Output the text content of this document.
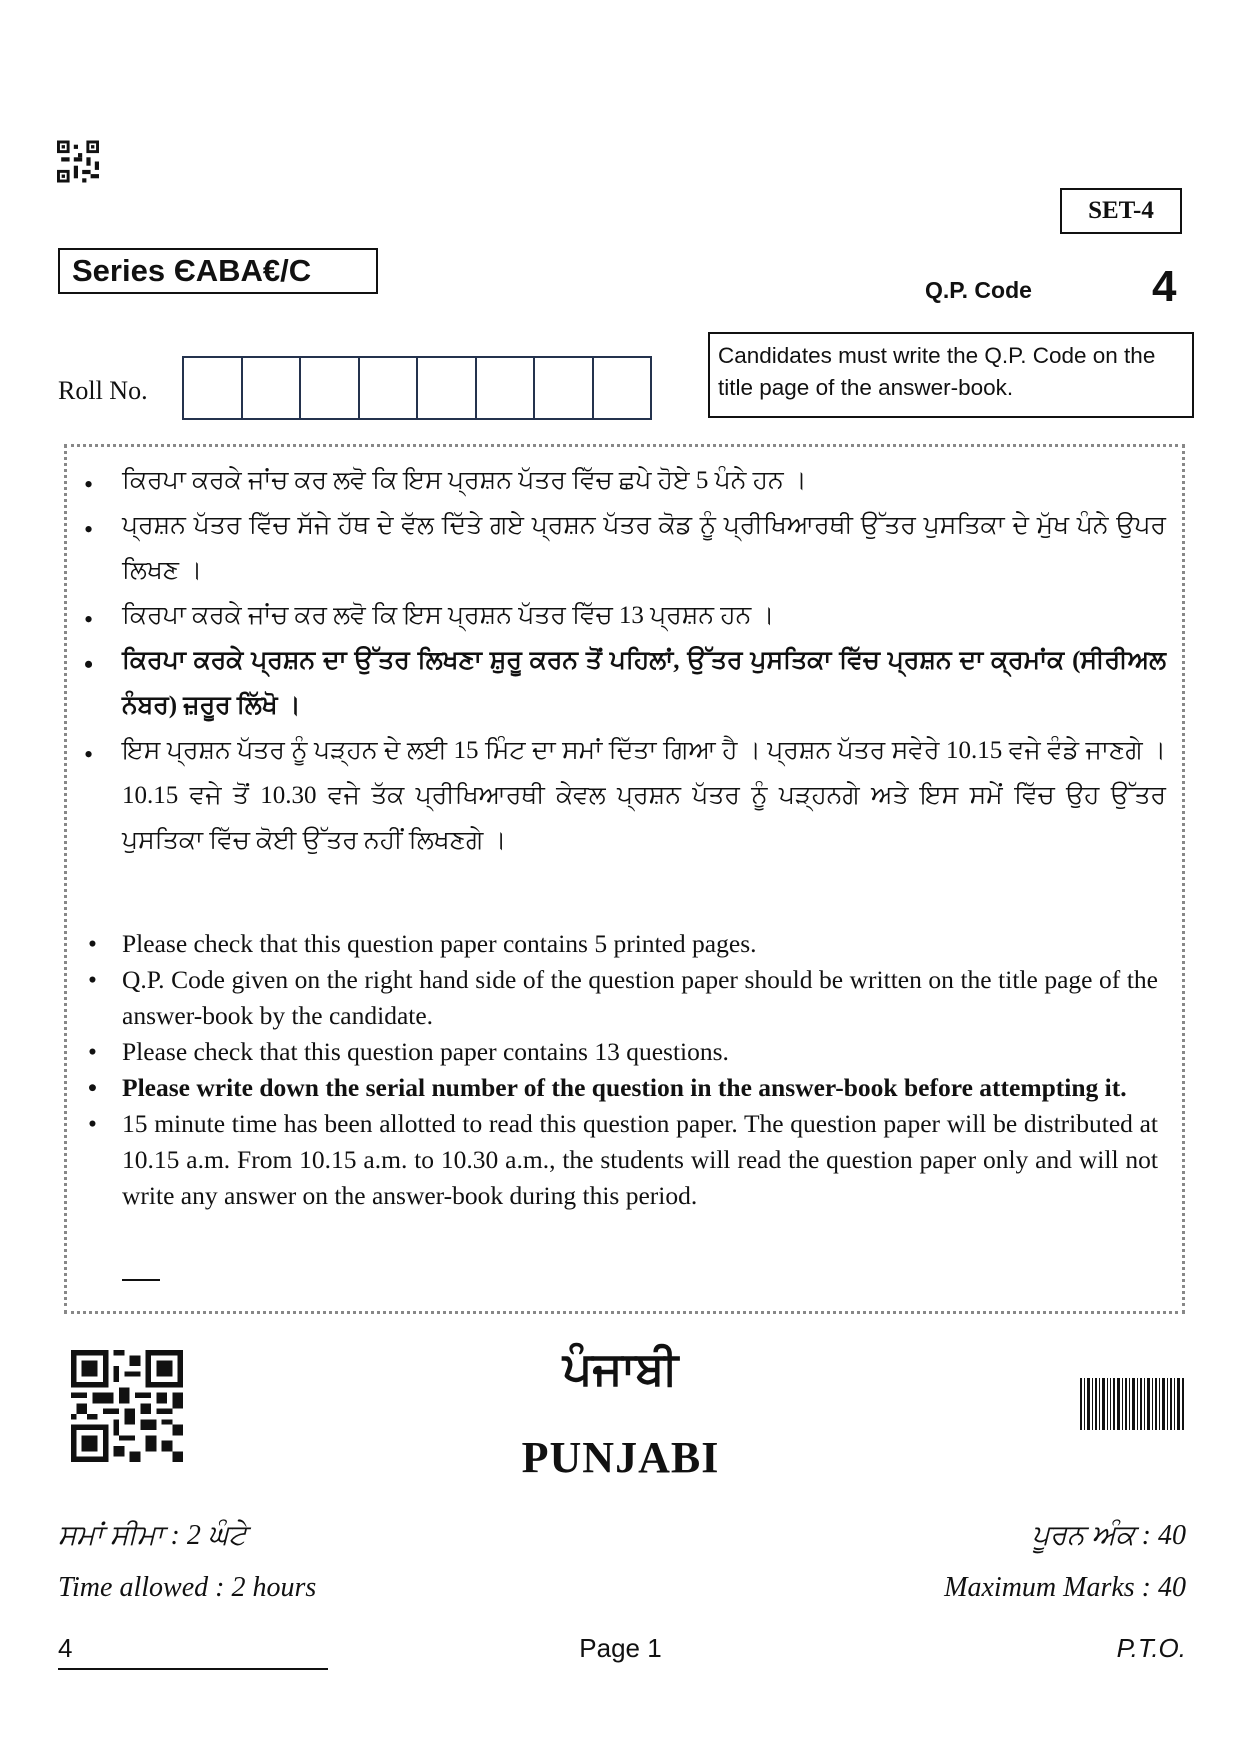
SET-4
Series ЄABA€/C
Q.P. Code	4
Roll No.
Candidates must write the Q.P. Code on the title page of the answer-book.
• ਕਿਰਪਾ ਕਰਕੇ ਜਾਂਚ ਕਰ ਲਵੋ ਕਿ ਇਸ ਪ੍ਰਸ਼ਨ ਪੱਤਰ ਵਿੱਚ ਛਪੇ ਹੋਏ 5 ਪੰਨੇ ਹਨ ।
• ਪ੍ਰਸ਼ਨ ਪੱਤਰ ਵਿੱਚ ਸੱਜੇ ਹੱਥ ਦੇ ਵੱਲ ਦਿੱਤੇ ਗਏ ਪ੍ਰਸ਼ਨ ਪੱਤਰ ਕੋਡ ਨੂੰ ਪ੍ਰੀਖਿਆਰਥੀ ਉੱਤਰ ਪੁਸਤਿਕਾ ਦੇ ਮੁੱਖ ਪੰਨੇ ਉਪਰ ਲਿਖਣ ।
• ਕਿਰਪਾ ਕਰਕੇ ਜਾਂਚ ਕਰ ਲਵੋ ਕਿ ਇਸ ਪ੍ਰਸ਼ਨ ਪੱਤਰ ਵਿੱਚ 13 ਪ੍ਰਸ਼ਨ ਹਨ ।
• ਕਿਰਪਾ ਕਰਕੇ ਪ੍ਰਸ਼ਨ ਦਾ ਉੱਤਰ ਲਿਖਣਾ ਸ਼ੁਰੂ ਕਰਨ ਤੋਂ ਪਹਿਲਾਂ, ਉੱਤਰ ਪੁਸਤਿਕਾ ਵਿੱਚ ਪ੍ਰਸ਼ਨ ਦਾ ਕ੍ਰਮਾਂਕ (ਸੀਰੀਅਲ ਨੰਬਰ) ਜ਼ਰੂਰ ਲਿੱਖੋ ।
• ਇਸ ਪ੍ਰਸ਼ਨ ਪੱਤਰ ਨੂੰ ਪੜ੍ਹਨ ਦੇ ਲਈ 15 ਮਿੰਟ ਦਾ ਸਮਾਂ ਦਿੱਤਾ ਗਿਆ ਹੈ । ਪ੍ਰਸ਼ਨ ਪੱਤਰ ਸਵੇਰੇ 10.15 ਵਜੇ ਵੰਡੇ ਜਾਣਗੇ । 10.15 ਵਜੇ ਤੋਂ 10.30 ਵਜੇ ਤੱਕ ਪ੍ਰੀਖਿਆਰਥੀ ਕੇਵਲ ਪ੍ਰਸ਼ਨ ਪੱਤਰ ਨੂੰ ਪੜ੍ਹਨਗੇ ਅਤੇ ਇਸ ਸਮੇਂ ਵਿੱਚ ਉਹ ਉੱਤਰ ਪੁਸਤਿਕਾ ਵਿੱਚ ਕੋਈ ਉੱਤਰ ਨਹੀਂ ਲਿਖਣਗੇ ।
• Please check that this question paper contains 5 printed pages.
• Q.P. Code given on the right hand side of the question paper should be written on the title page of the answer-book by the candidate.
• Please check that this question paper contains 13 questions.
• Please write down the serial number of the question in the answer-book before attempting it.
• 15 minute time has been allotted to read this question paper. The question paper will be distributed at 10.15 a.m. From 10.15 a.m. to 10.30 a.m., the students will read the question paper only and will not write any answer on the answer-book during this period.
ਪੰਜਾਬੀ
PUNJABI
ਸਮਾਂ ਸੀਮਾ : 2 ਘੰਟੇ	ਪੂਰਨ ਅੰਕ : 40
Time allowed : 2 hours	Maximum Marks : 40
4	Page 1	P.T.O.
